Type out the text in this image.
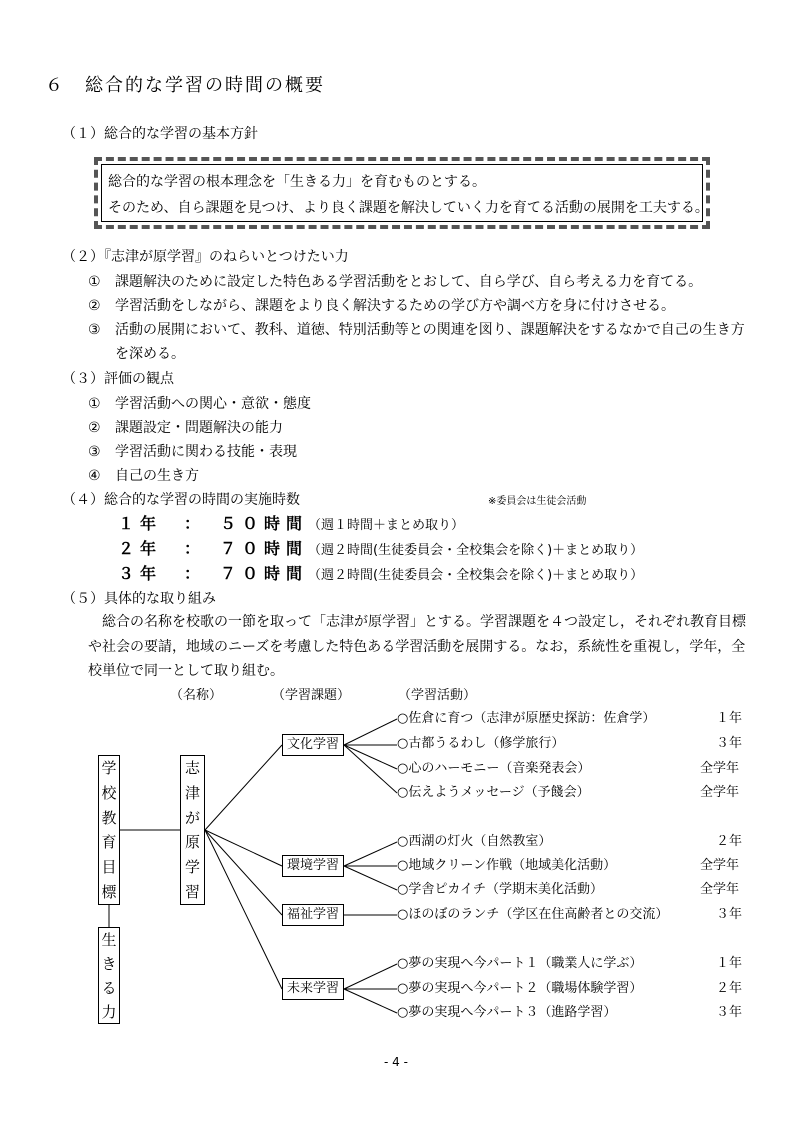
６　総合的な学習の時間の概要
（１）総合的な学習の基本方針
総合的な学習の根本理念を「生きる力」を育むものとする。
そのため、自ら課題を見つけ、より良く課題を解決していく力を育てる活動の展開を工夫する。
（２）『志津が原学習』のねらいとつけたい力
① 課題解決のために設定した特色ある学習活動をとおして、自ら学び、自ら考える力を育てる。
② 学習活動をしながら、課題をより良く解決するための学び方や調べ方を身に付けさせる。
③ 活動の展開において、教科、道徳、特別活動等との関連を図り、課題解決をするなかで自己の生き方
を深める。
（３）評価の観点
① 学習活動への関心・意欲・態度
② 課題設定・問題解決の能力
③ 学習活動に関わる技能・表現
④ 自己の生き方
（４）総合的な学習の時間の実施時数	※委員会は生徒会活動
１年　：　５０時間（週１時間＋まとめ取り）
２年　：　７０時間（週２時間(生徒委員会・全校集会を除く)＋まとめ取り）
３年　：　７０時間（週２時間(生徒委員会・全校集会を除く)＋まとめ取り）
（５）具体的な取り組み
　総合の名称を校歌の一節を取って「志津が原学習」とする。学習課題を４つ設定し，それぞれ教育目標
や社会の要請，地域のニーズを考慮した特色ある学習活動を展開する。なお，系統性を重視し，学年，全
校単位で同一として取り組む。
（名称）	（学習課題）	（学習活動）
学
校
教
育
目
標
生
き
る
力
志
津
が
原
学
習
文化学習
環境学習
福祉学習
未来学習
○佐倉に育つ（志津が原歴史探訪：佐倉学）	１年
○古都うるわし（修学旅行）	３年
○心のハーモニー（音楽発表会）	全学年
○伝えようメッセージ（予餞会）	全学年
○西湖の灯火（自然教室）	２年
○地域クリーン作戦（地域美化活動）	全学年
○学舎ピカイチ（学期末美化活動）	全学年
○ほのぼのランチ（学区在住高齢者との交流）	３年
○夢の実現へ今パート１（職業人に学ぶ）	１年
○夢の実現へ今パート２（職場体験学習）	２年
○夢の実現へ今パート３（進路学習）	３年
- 4 -
